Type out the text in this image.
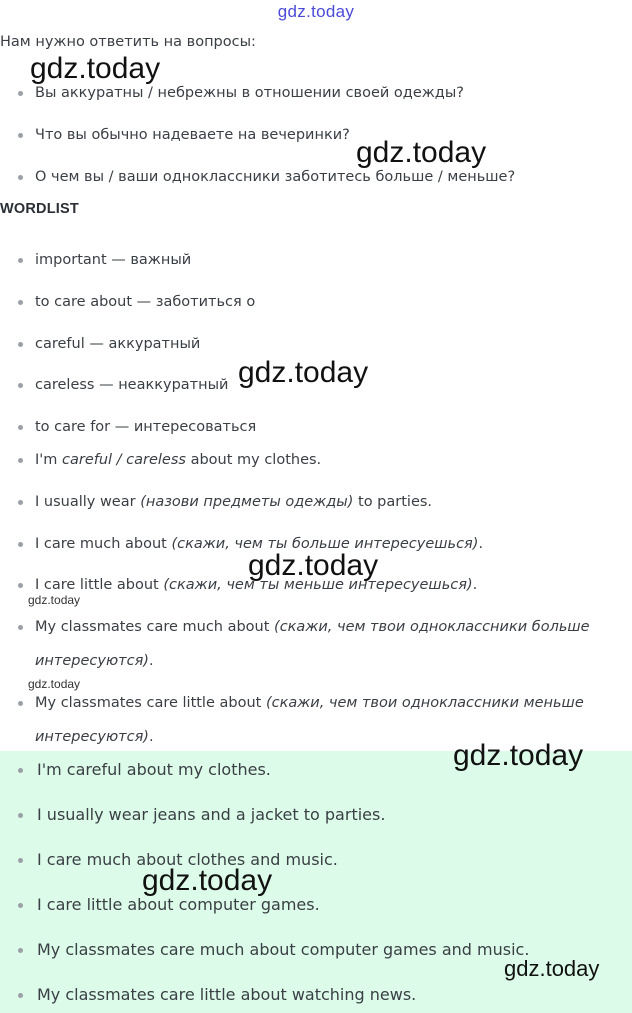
gdz.today
Нам нужно ответить на вопросы:
Вы аккуратны / небрежны в отношении своей одежды?
Что вы обычно надеваете на вечеринки?
О чем вы / ваши одноклассники заботитесь больше / меньше?
WORDLIST
important — важный
to care about — заботиться о
careful — аккуратный
careless — неаккуратный
to care for — интересоваться
I'm careful / careless about my clothes.
I usually wear (назови предметы одежды) to parties.
I care much about (скажи, чем ты больше интересуешься).
I care little about (скажи, чем ты меньше интересуешься).
My classmates care much about (скажи, чем твои одноклассники больше интересуются).
My classmates care little about (скажи, чем твои одноклассники меньше интересуются).
I'm careful about my clothes.
I usually wear jeans and a jacket to parties.
I care much about clothes and music.
I care little about computer games.
My classmates care much about computer games and music.
My classmates care little about watching news.
gdz.today
gdz.today
gdz.today
gdz.today
gdz.today
gdz.today
gdz.today
gdz.today
gdz.today
